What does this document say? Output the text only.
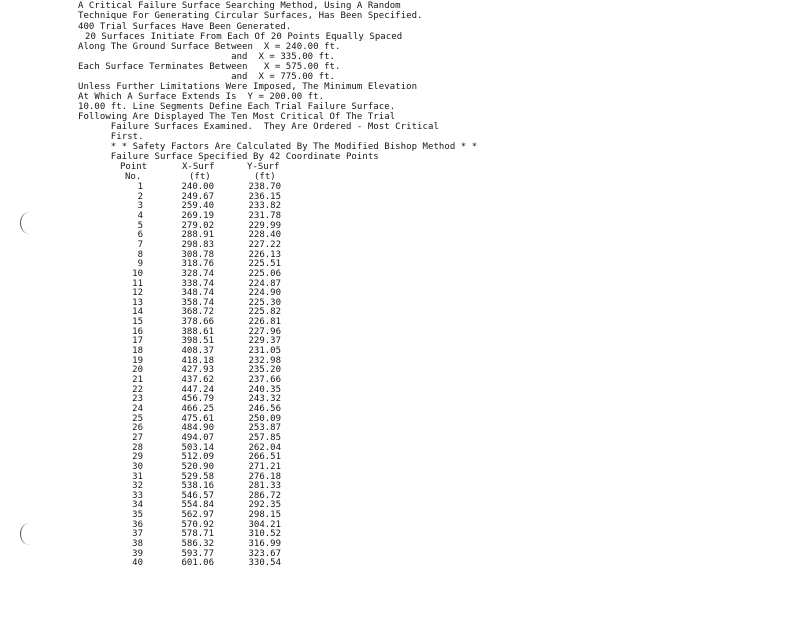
A Critical Failure Surface Searching Method, Using A Random
Technique For Generating Circular Surfaces, Has Been Specified.
400 Trial Surfaces Have Been Generated.
20 Surfaces Initiate From Each Of 20 Points Equally Spaced
Along The Ground Surface Between  X = 240.00 ft.
and  X = 335.00 ft.
Each Surface Terminates Between   X = 575.00 ft.
and  X = 775.00 ft.
Unless Further Limitations Were Imposed, The Minimum Elevation
At Which A Surface Extends Is  Y = 200.00 ft.
10.00 ft. Line Segments Define Each Trial Failure Surface.
Following Are Displayed The Ten Most Critical Of The Trial
Failure Surfaces Examined.  They Are Ordered - Most Critical
First.
* * Safety Factors Are Calculated By The Modified Bishop Method * *
Failure Surface Specified By 42 Coordinate Points
Point	X-Surf	Y-Surf
No.	(ft)	(ft)
1	240.00	238.70
2	249.67	236.15
3	259.40	233.82
4	269.19	231.78
5	279.02	229.99
6	288.91	228.40
7	298.83	227.22
8	308.78	226.13
9	318.76	225.51
10	328.74	225.06
11	338.74	224.87
12	348.74	224.90
13	358.74	225.30
14	368.72	225.82
15	378.66	226.81
16	388.61	227.96
17	398.51	229.37
18	408.37	231.05
19	418.18	232.98
20	427.93	235.20
21	437.62	237.66
22	447.24	240.35
23	456.79	243.32
24	466.25	246.56
25	475.61	250.09
26	484.90	253.87
27	494.07	257.85
28	503.14	262.04
29	512.09	266.51
30	520.90	271.21
31	529.58	276.18
32	538.16	281.33
33	546.57	286.72
34	554.84	292.35
35	562.97	298.15
36	570.92	304.21
37	578.71	310.52
38	586.32	316.99
39	593.77	323.67
40	601.06	330.54
